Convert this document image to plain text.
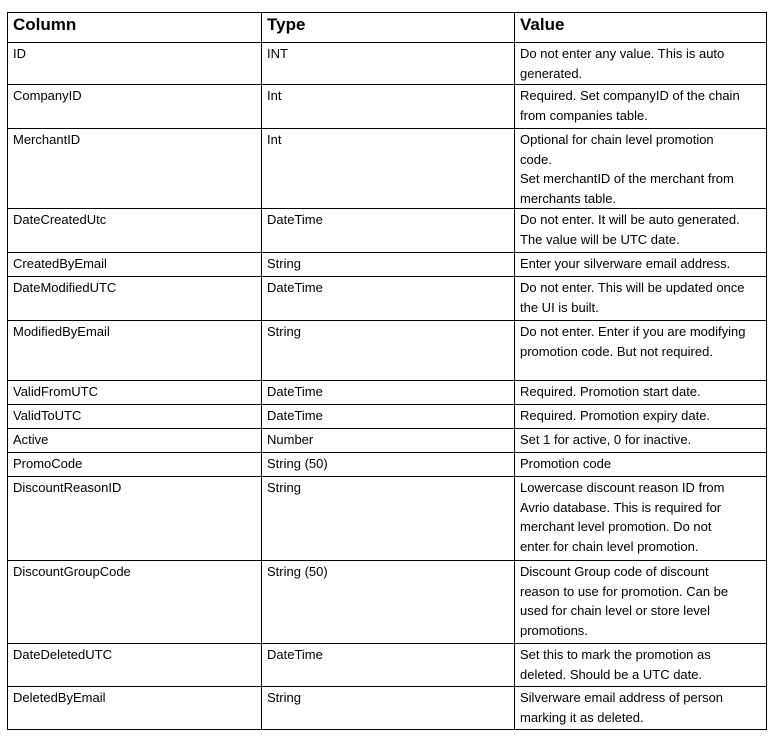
Column	Type	Value
ID	INT	Do not enter any value. This is auto
generated.

CompanyID	Int	Required. Set companyID of the chain
from companies table.

MerchantID	Int	Optional for chain level promotion
code.
Set merchantID of the merchant from
merchants table.

DateCreatedUtc	DateTime	Do not enter. It will be auto generated.
The value will be UTC date.

CreatedByEmail	String	Enter your silverware email address.

DateModifiedUTC	DateTime	Do not enter. This will be updated once
the UI is built.

ModifiedByEmail	String	Do not enter. Enter if you are modifying
promotion code. But not required.

ValidFromUTC	DateTime	Required. Promotion start date.

ValidToUTC	DateTime	Required. Promotion expiry date.

Active	Number	Set 1 for active, 0 for inactive.

PromoCode	String (50)	Promotion code

DiscountReasonID	String	Lowercase discount reason ID from
Avrio database. This is required for
merchant level promotion. Do not
enter for chain level promotion.

DiscountGroupCode	String (50)	Discount Group code of discount
reason to use for promotion. Can be
used for chain level or store level
promotions.

DateDeletedUTC	DateTime	Set this to mark the promotion as
deleted. Should be a UTC date.

DeletedByEmail	String	Silverware email address of person
marking it as deleted.
